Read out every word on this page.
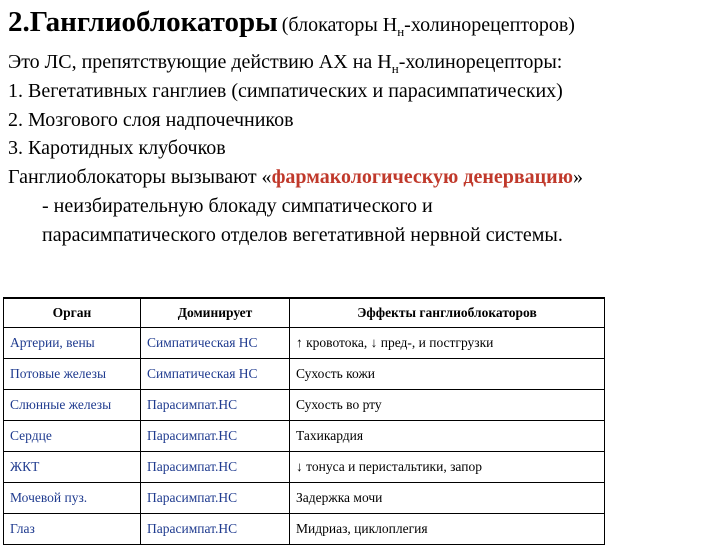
2.Ганглиоблокаторы (блокаторы $Н_н-холинорецепторов$)

Это ЛС, препятствующие действию АХ на $Н_н$-холинорецепторы:

1. Вегетативных ганглиев (симпатических и парасимпатических)

2. Мозгового слоя надпочечников

3. Каротидных клубочков

Ганглиоблокаторы вызывают «фармакологическую денервацию»

- неизбирательную блокаду симпатического и

парасимпатического отделов вегетативной нервной системы.

Орган	Доминирует	Эффекты ганглиоблокаторов
Артерии, вены	Симпатическая НС	↑ кровотока, ↓ пред-, и постгрузки
Потовые железы	Симпатическая НС	Сухость кожи
Слюнные железы	Парасимпат.НС	Сухость во рту
Сердце	Парасимпат.НС	Тахикардия
ЖКТ	Парасимпат.НС	↓ тонуса и перистальтики, запор
Мочевой пуз.	Парасимпат.НС	Задержка мочи
Глаз	Парасимпат.НС	Мидриаз, циклоплегия
